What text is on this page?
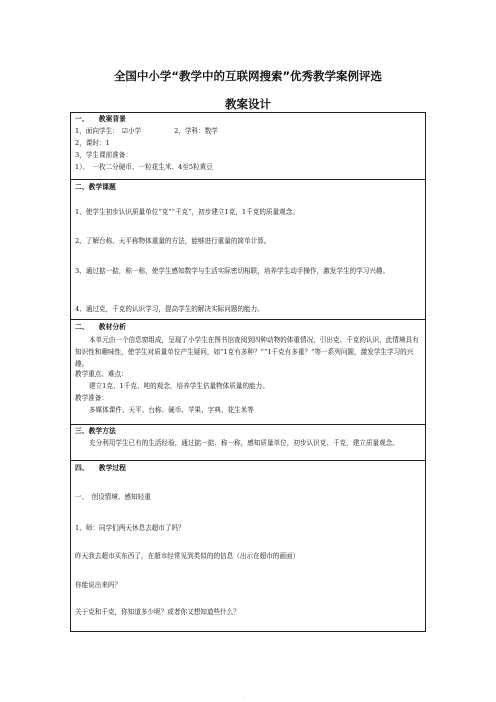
全国中小学“教学中的互联网搜索”优秀教学案例评选
教案设计
一、　　教案背景
1，面向学生：　☑小学　　　　　2，学科：数学
2，课时：1
3，学生课前准备：
1）、　一枚二分硬币、一粒花生米、4至5粒黄豆
二、教学课题
1、使学生初步认识质量单位“克”“千克”，初步建立1克，1千克的质量观念。
2、了解台称、天平称物体重量的方法，能够进行重量的简单计算。
3、通过掂一掂，称一称，使学生感知数学与生活实际密切相联，培养学生动手操作，激发学生的学习兴趣。
4、通过克，千克的认识学习，提高学生的解决实际问题的能力。
二、　　教材分析
本单元由一个信息窗组成，呈现了小学生在图书馆查阅到四种动物的体重情况，引出克、千克的认识，此情境具有知识性和趣味性，使学生对质量单位产生疑问，如“1克有多种？”“1千克有多重？”等一系列问题，激发学生学习的兴趣。
教学重点、难点：
建立1克、1千克、吨的观念，培养学生估量物体质量的能力。
教学准备：
多媒体课件、天平、台称、硬币、苹果、字典、花生米等
三、教学方法
充分利用学生已有的生活经验，通过掂一掂、称一称，感知质量单位，初步认识克、千克，建立质量观念。
四、　　教学过程
一、　创设情境、感知轻重
1、师：同学们两天休息去超市了吗？
昨天我去超市买东西了，在超市经常见到类似的的信息（出示在超市的画面）
你能说出来吗？
关于克和千克，你知道多少呢？或者你又想知道些什么？
.
